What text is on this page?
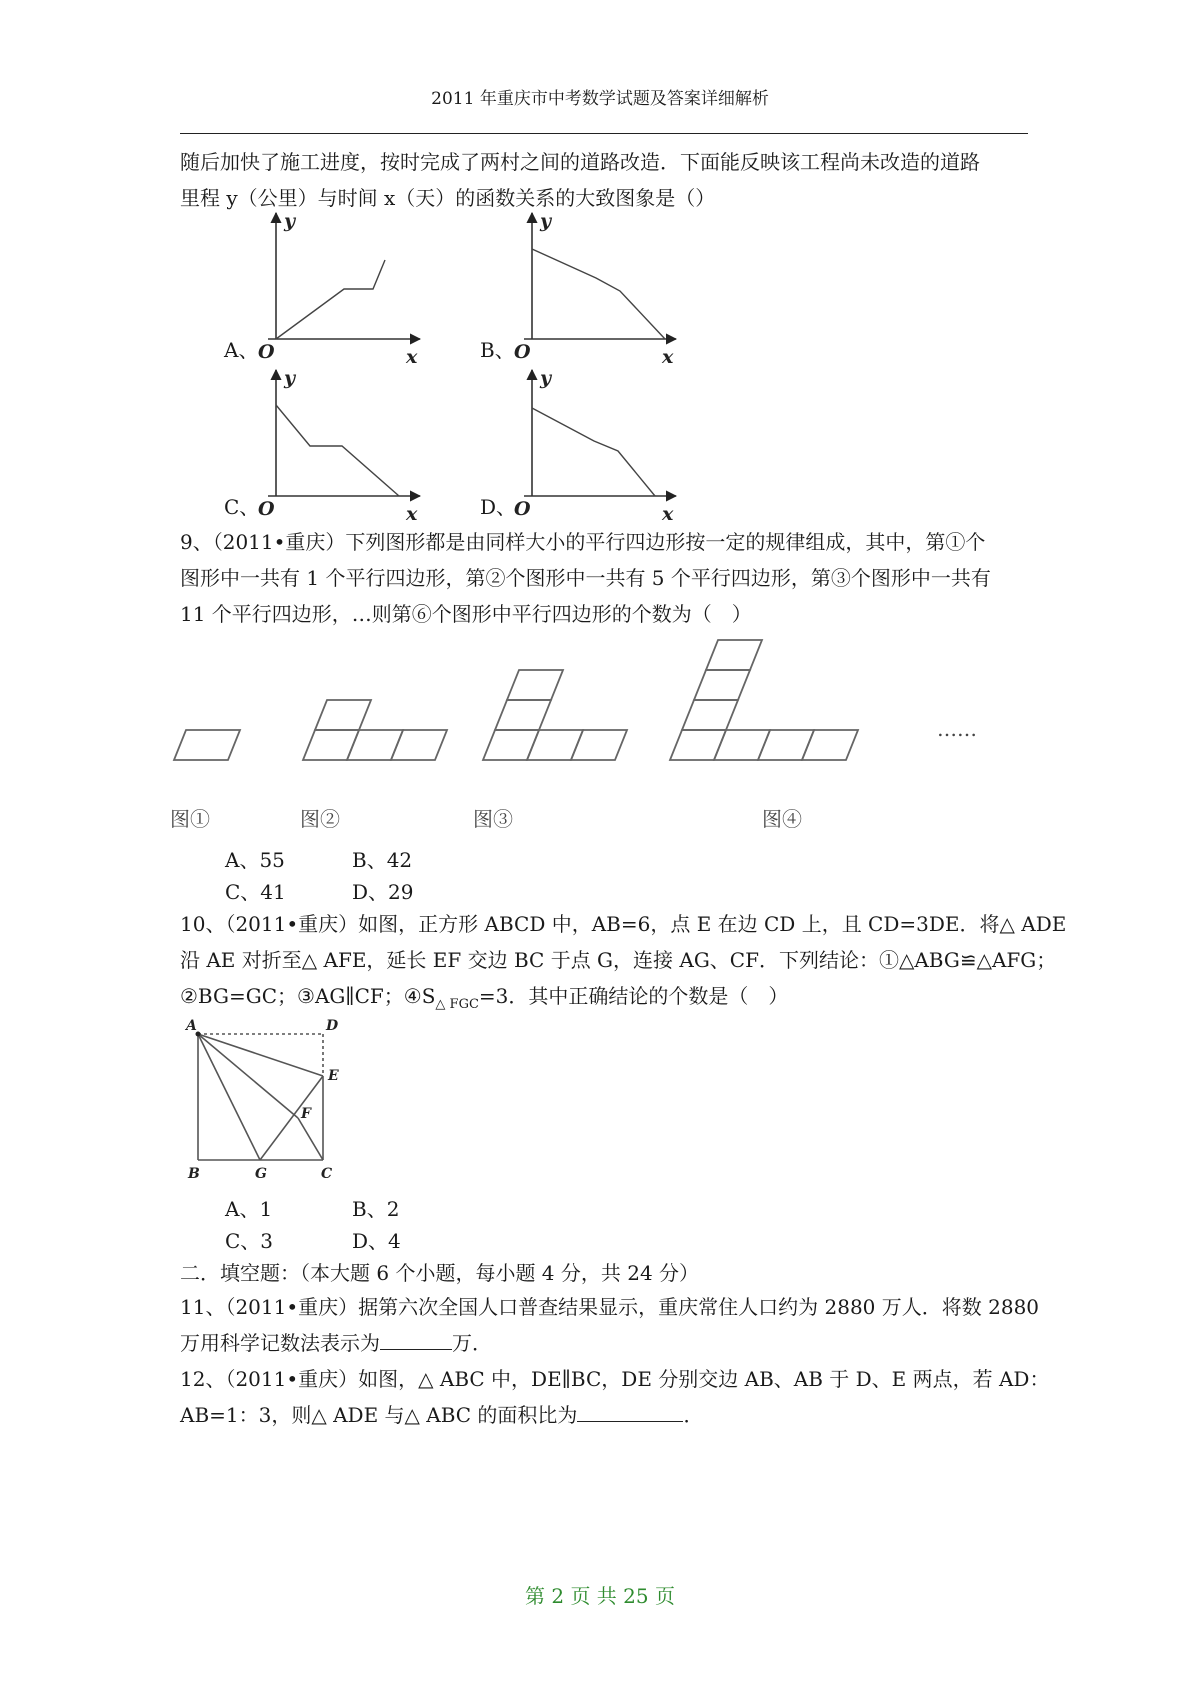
2011 年重庆市中考数学试题及答案详细解析
随后加快了施工进度，按时完成了两村之间的道路改造．下面能反映该工程尚未改造的道路
里程 y（公里）与时间 x（天）的函数关系的大致图象是（）
y
O	x
y
O	x
y
O	x
y
O	x
A、	B、
C、	D、
9、（2011•重庆）下列图形都是由同样大小的平行四边形按一定的规律组成，其中，第①个
图形中一共有 1 个平行四边形，第②个图形中一共有 5 个平行四边形，第③个图形中一共有
11 个平行四边形，…则第⑥个图形中平行四边形的个数为（　）
图①	图②	图③	图④
……
A、55	B、42
C、41	D、29
10、（2011•重庆）如图，正方形 ABCD 中，AB=6，点 E 在边 CD 上，且 CD=3DE．将△ ADE
沿 AE 对折至△ AFE，延长 EF 交边 BC 于点 G，连接 AG、CF．下列结论：①△ABG≌△AFG；
②BG=GC；③AG∥CF；$④S_{\triangle FGC}=3$．其中正确结论的个数是（　）
A	D
E
F
B	G	C
A、1	B、2
C、3	D、4
二．填空题：（本大题 6 个小题，每小题 4 分，共 24 分）
11、（2011•重庆）据第六次全国人口普查结果显示，重庆常住人口约为 2880 万人．将数 2880
万用科学记数法表示为	万．
12、（2011•重庆）如图，△ ABC 中，DE∥BC，DE 分别交边 AB、AB 于 D、E 两点，若 AD：
AB=1：3，则△ ADE 与△ ABC 的面积比为	．
第 2 页 共 25 页
